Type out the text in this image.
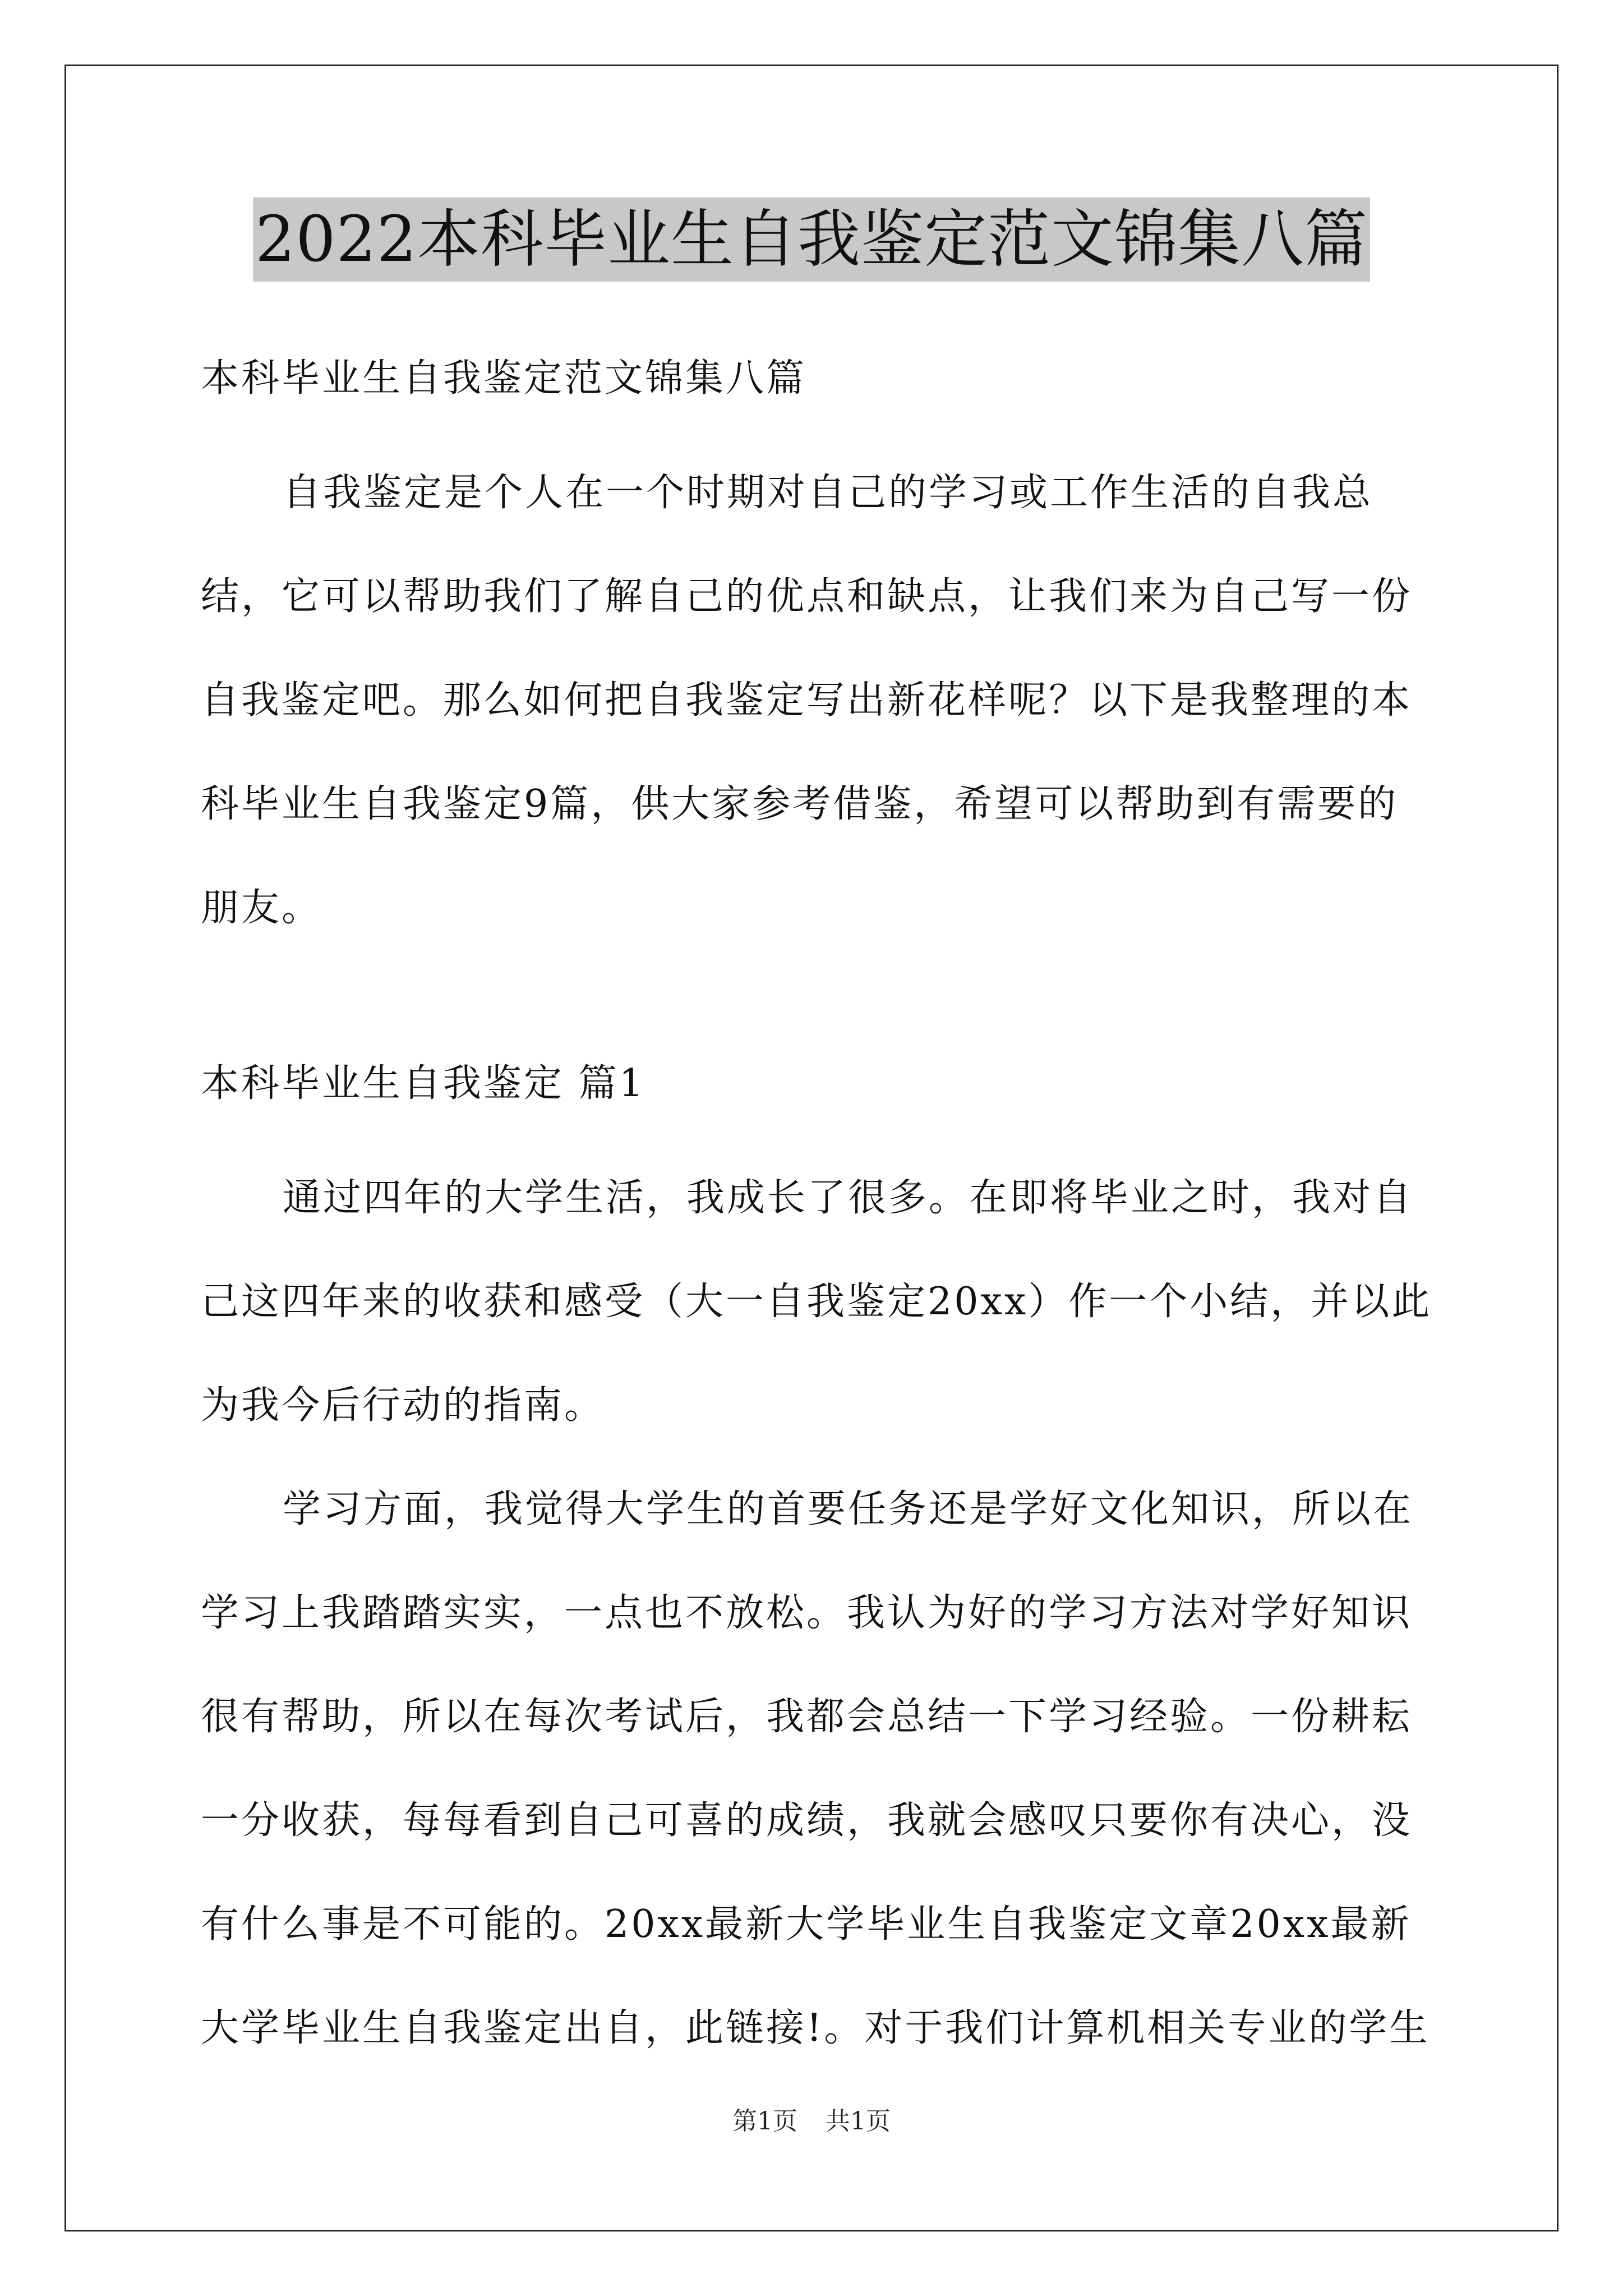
2022本科毕业生自我鉴定范文锦集八篇
本科毕业生自我鉴定范文锦集八篇

自我鉴定是个人在一个时期对自己的学习或工作生活的自我总结，它可以帮助我们了解自己的优点和缺点，让我们来为自己写一份自我鉴定吧。那么如何把自我鉴定写出新花样呢？以下是我整理的本科毕业生自我鉴定9篇，供大家参考借鉴，希望可以帮助到有需要的朋友。

本科毕业生自我鉴定 篇1

通过四年的大学生活，我成长了很多。在即将毕业之时，我对自己这四年来的收获和感受（大一自我鉴定20xx）作一个小结，并以此为我今后行动的指南。

学习方面，我觉得大学生的首要任务还是学好文化知识，所以在学习上我踏踏实实，一点也不放松。我认为好的学习方法对学好知识很有帮助，所以在每次考试后，我都会总结一下学习经验。一份耕耘一分收获，每每看到自己可喜的成绩，我就会感叹只要你有决心，没有什么事是不可能的。20xx最新大学毕业生自我鉴定文章20xx最新大学毕业生自我鉴定出自，此链接!。对于我们计算机相关专业的学生

第1页 共1页
